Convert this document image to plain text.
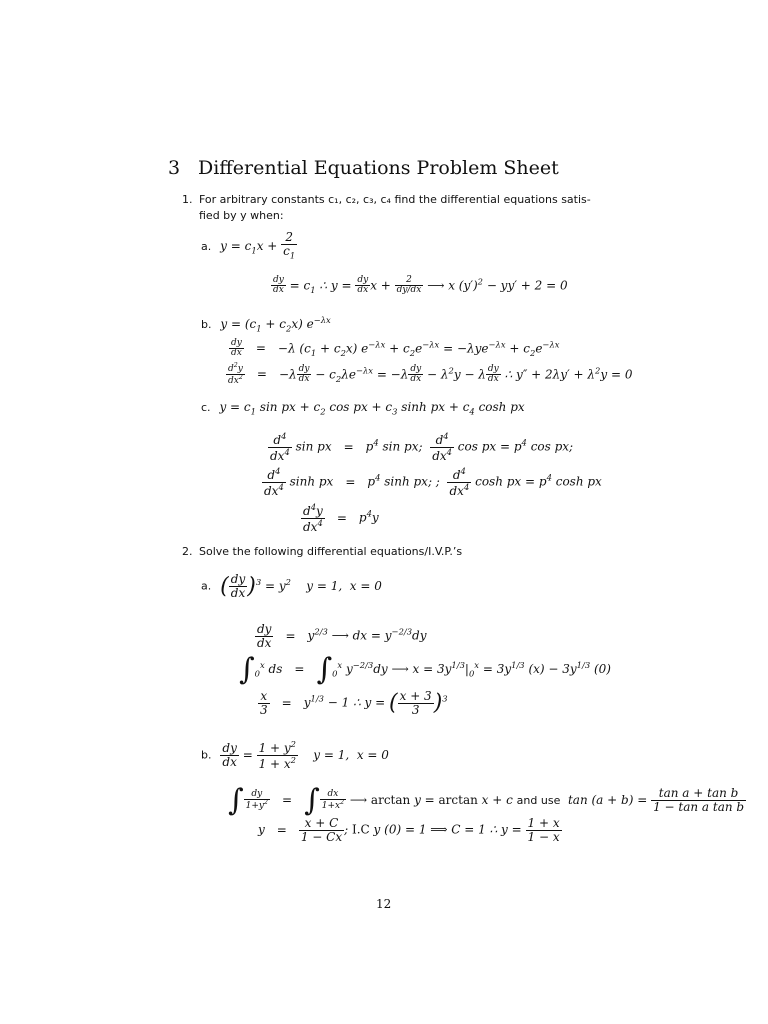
3 Differential Equations Problem Sheet
1. For arbitrary constants c₁, c₂, c₃, c₄ find the differential equations satis-
fied by y when:
a.  $y = c_1x + \frac{2}{c_1}$
$\frac{dy}{dx} = c_1$ ∴ $y = \frac{dy}{dx}$ $x + \frac{2}{dy/dx}$ ⟶ x $(y')^2 - yy' + 2 = 0$
b.  $y = (c_1 + c_2x)$ $e^{-\lambda x}$
$\frac{dy}{dx} = -\lambda$ $(c_1 + c_2x) e^{-\lambda x} + c_2e^{-\lambda x} = -\lambda ye^{-\lambda x} + c_2e^{-\lambda x}$
$\frac{d^2y}{dx^2} = -\lambda \frac{dy}{dx} - c_2\lambda e^{-\lambda x} = -\lambda \frac{dy}{dx} - \lambda^2y - \lambda \frac{dy}{dx}$ ∴ $y'' + 2\lambda y' + \lambda^2y = 0$
c.  $y = c_1$ sin px + $c_2$ cos px + $c_3$ sinh px + $c_4$ cosh px
$\frac{d^4}{dx^4}$ sin px = $p^4$ sin px; $\frac{d^4}{dx^4}$ cos px = $p^4$ cos px;
$\frac{d^4}{dx^4}$ sinh px = $p^4$ sinh px; ; $\frac{d^4}{dx^4}$ cosh px = $p^4$ cosh px
$\frac{d^4y}{dx^4} = p^4y$
2. Solve the following differential equations/I.V.P.’s
a. ( $\frac{dy}{dx} )^3 = y^2$    y = 1,  x = 0
$\frac{dy}{dx} = y^{2/3}$ ⟶ dx = $y^{-2/3}dy$
$\int_0^x$ ds = $\int_0^x$ $y^{-2/3}dy$ ⟶ $x = 3y^{1/3}|_0^x = 3y^{1/3}$ $(x) - 3y^{1/3}$ (0)
$\frac{x}{3} = y^{1/3} - 1$ ∴ y = ( $\frac{x + 3}{3} )^3$
b. $\frac{dy}{dx} = \frac{1 + y^2}{1 + x^2}$ y = 1,  x = 0
∫ $\frac{dy}{1+y^2}$ = ∫ $\frac{dx}{1+x^2}$ ⟶ arctan y = arctan x + c and use  $\tan (a + b) = \frac{\text{tan a + tan b}}{\text{1 − tan a tan b}}$
$y = \frac{x + C}{1 - Cx}$ ; I.C y (0) = 1 ⟹ C = 1 ∴ $y = \frac{1 + x}{1 - x}$
12
